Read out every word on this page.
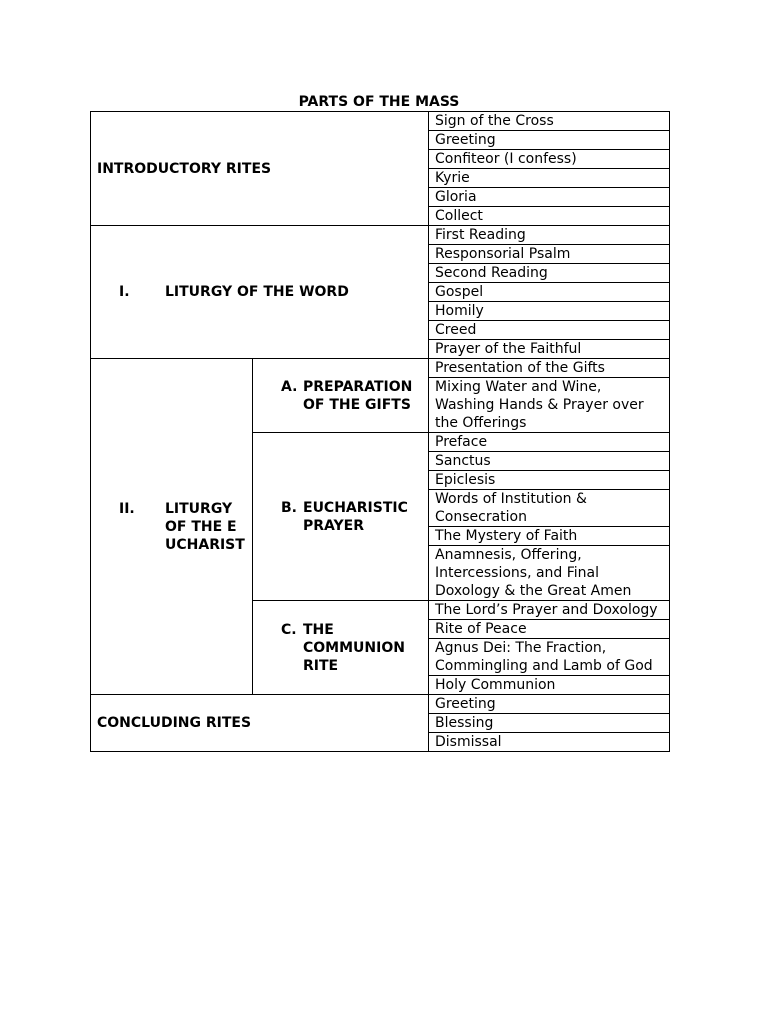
PARTS OF THE MASS
INTRODUCTORY RITES		Sign of the Cross
		Greeting
		Confiteor (I confess)
		Kyrie
		Gloria
		Collect

I. LITURGY OF THE WORD		First Reading
		Responsorial Psalm
		Second Reading
		Gospel
		Homily
		Creed
		Prayer of the Faithful

II. LITURGY OF THE EUCHARIST	A. PREPARATION OF THE GIFTS	Presentation of the Gifts
		Mixing Water and Wine, Washing Hands & Prayer over the Offerings

	B. EUCHARISTIC PRAYER	Preface
		Sanctus
		Epiclesis
		Words of Institution & Consecration
		The Mystery of Faith
		Anamnesis, Offering, Intercessions, and Final Doxology & the Great Amen

	C. THE COMMUNION RITE	The Lord’s Prayer and Doxology
		Rite of Peace
		Agnus Dei: The Fraction, Commingling and Lamb of God
		Holy Communion
CONCLUDING RITES		Greeting
		Blessing
		Dismissal
